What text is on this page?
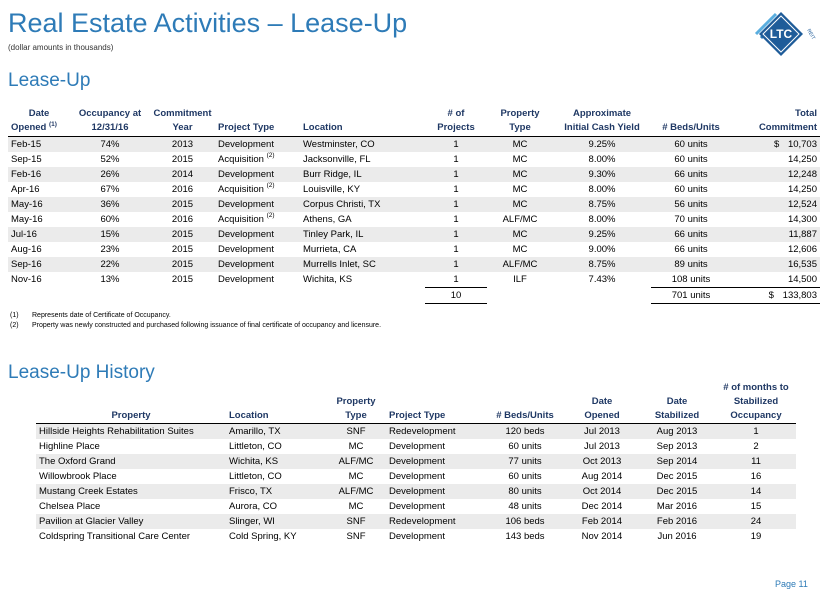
Real Estate Activities – Lease-Up
(dollar amounts in thousands)
LTC	REIT
Lease-Up
Date	Occupancy at	Commitment			# of	Property	Approximate		Total
Opened $^{(1)}$	12/31/16	Year	Project Type	Location	Projects	Type	Initial Cash Yield	# Beds/Units	Commitment
Feb-15	74%	2013	Development	Westminster, CO	1	MC	9.25%	60 units	$ 10,703
Sep-15	52%	2015	Acquisition $^{(2)}$	Jacksonville, FL	1	MC	8.00%	60 units	14,250
Feb-16	26%	2014	Development	Burr Ridge, IL	1	MC	9.30%	66 units	12,248
Apr-16	67%	2016	Acquisition $^{(2)}$	Louisville, KY	1	MC	8.00%	60 units	14,250
May-16	36%	2015	Development	Corpus Christi, TX	1	MC	8.75%	56 units	12,524
May-16	60%	2016	Acquisition $^{(2)}$	Athens, GA	1	ALF/MC	8.00%	70 units	14,300
Jul-16	15%	2015	Development	Tinley Park, IL	1	MC	9.25%	66 units	11,887
Aug-16	23%	2015	Development	Murrieta, CA	1	MC	9.00%	66 units	12,606
Sep-16	22%	2015	Development	Murrells Inlet, SC	1	ALF/MC	8.75%	89 units	16,535
Nov-16	13%	2015	Development	Wichita, KS	1	ILF	7.43%	108 units	14,500
					10			701 units	$ 133,803
(1) Represents date of Certificate of Occupancy.
(2) Property was newly constructed and purchased following issuance of final certificate of occupancy and licensure.
Lease-Up History
							# of months to
		Property			Date	Date	Stabilized
Property	Location	Type	Project Type	# Beds/Units	Opened	Stabilized	Occupancy
Hillside Heights Rehabilitation Suites	Amarillo, TX	SNF	Redevelopment	120 beds	Jul 2013	Aug 2013	1
Highline Place	Littleton, CO	MC	Development	60 units	Jul 2013	Sep 2013	2
The Oxford Grand	Wichita, KS	ALF/MC	Development	77 units	Oct 2013	Sep 2014	11
Willowbrook Place	Littleton, CO	MC	Development	60 units	Aug 2014	Dec 2015	16
Mustang Creek Estates	Frisco, TX	ALF/MC	Development	80 units	Oct 2014	Dec 2015	14
Chelsea Place	Aurora, CO	MC	Development	48 units	Dec 2014	Mar 2016	15
Pavilion at Glacier Valley	Slinger, WI	SNF	Redevelopment	106 beds	Feb 2014	Feb 2016	24
Coldspring Transitional Care Center	Cold Spring, KY	SNF	Development	143 beds	Nov 2014	Jun 2016	19
Page 11
